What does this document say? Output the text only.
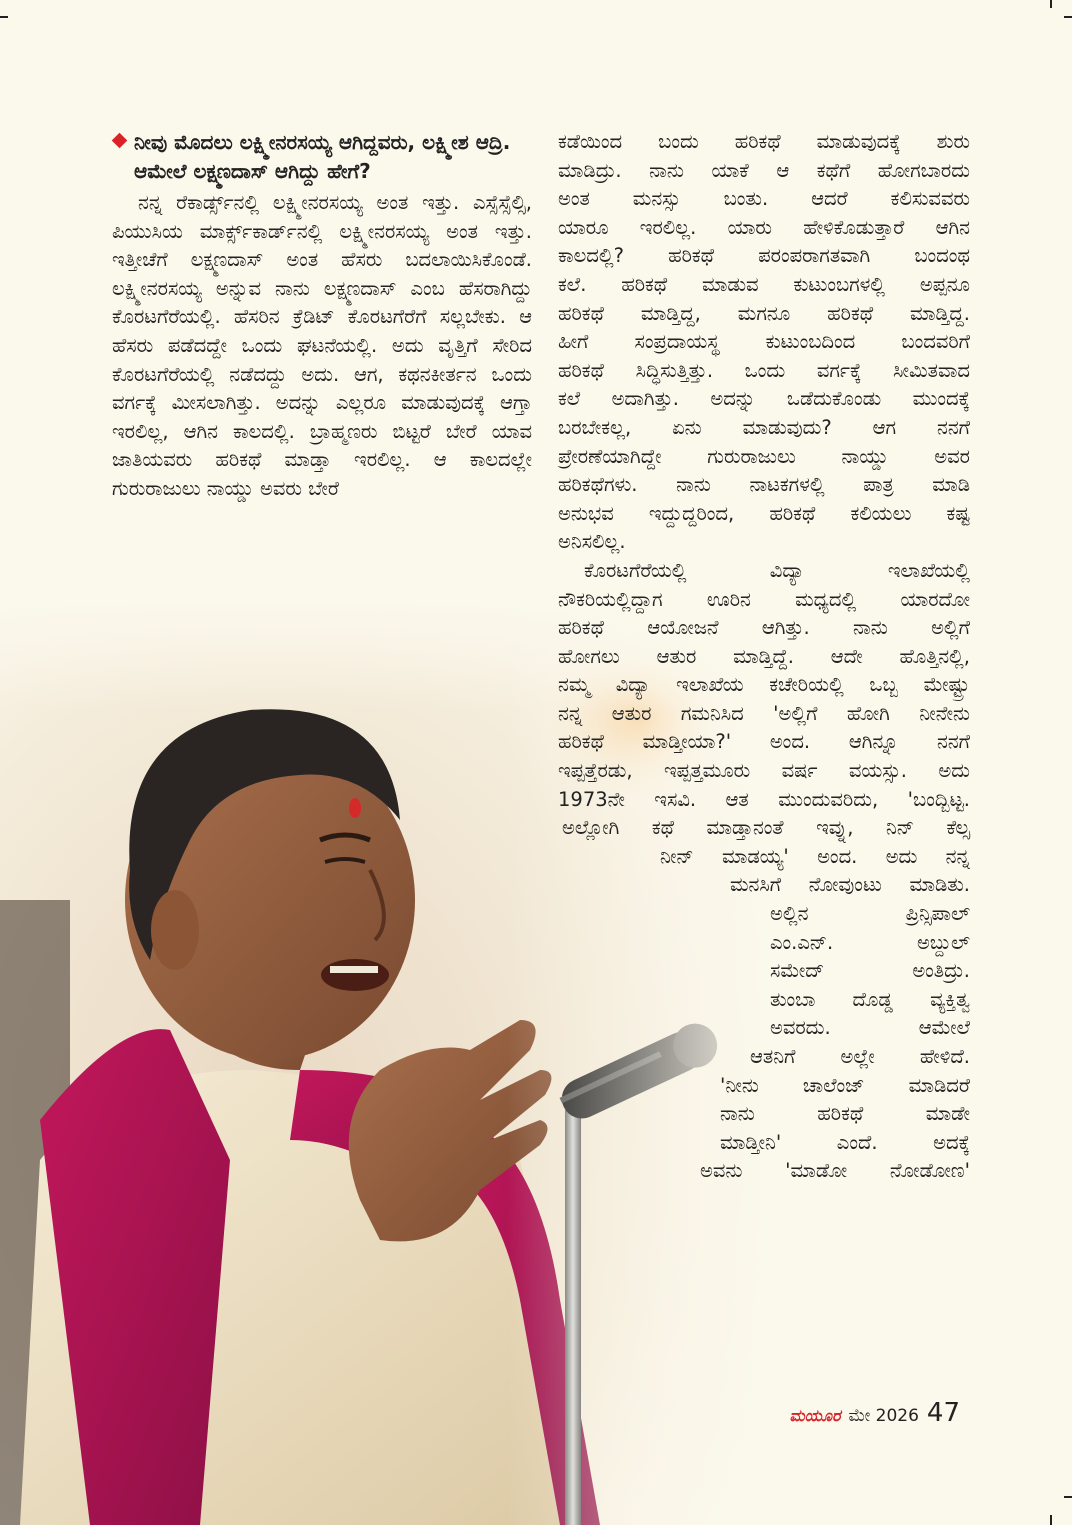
ನೀವು ಮೊದಲು ಲಕ್ಷ್ಮೀನರಸಯ್ಯ ಆಗಿದ್ದವರು, ಲಕ್ಷ್ಮೀಶ ಆದ್ರಿ. ಆಮೇಲೆ ಲಕ್ಷ್ಮಣದಾಸ್ ಆಗಿದ್ದು ಹೇಗೆ?

ನನ್ನ ರೆಕಾರ್ಡ್ಸ್‌ನಲ್ಲಿ ಲಕ್ಷ್ಮೀನರಸಯ್ಯ ಅಂತ ಇತ್ತು. ಎಸ್ಸೆಸ್ಸೆಲ್ಸಿ, ಪಿಯುಸಿಯ ಮಾರ್ಕ್ಸ್‌ಕಾರ್ಡ್‌ನಲ್ಲಿ ಲಕ್ಷ್ಮೀನರಸಯ್ಯ ಅಂತ ಇತ್ತು. ಇತ್ತೀಚೆಗೆ ಲಕ್ಷ್ಮಣದಾಸ್ ಅಂತ ಹೆಸರು ಬದಲಾಯಿಸಿಕೊಂಡೆ. ಲಕ್ಷ್ಮೀನರಸಯ್ಯ ಅನ್ನುವ ನಾನು ಲಕ್ಷ್ಮಣದಾಸ್ ಎಂಬ ಹೆಸರಾಗಿದ್ದು ಕೊರಟಗೆರೆಯಲ್ಲಿ. ಹೆಸರಿನ ಕ್ರೆಡಿಟ್ ಕೊರಟಗೆರೆಗೆ ಸಲ್ಲಬೇಕು. ಆ ಹೆಸರು ಪಡೆದದ್ದೇ ಒಂದು ಘಟನೆಯಲ್ಲಿ. ಅದು ವೃತ್ತಿಗೆ ಸೇರಿದ ಕೊರಟಗೆರೆಯಲ್ಲಿ ನಡೆದದ್ದು ಅದು. ಆಗ, ಕಥನಕೀರ್ತನ ಒಂದು ವರ್ಗಕ್ಕೆ ಮೀಸಲಾಗಿತ್ತು. ಅದನ್ನು ಎಲ್ಲರೂ ಮಾಡುವುದಕ್ಕೆ ಆಗ್ತಾ ಇರಲಿಲ್ಲ, ಆಗಿನ ಕಾಲದಲ್ಲಿ. ಬ್ರಾಹ್ಮಣರು ಬಿಟ್ಟರೆ ಬೇರೆ ಯಾವ ಜಾತಿಯವರು ಹರಿಕಥೆ ಮಾಡ್ತಾ ಇರಲಿಲ್ಲ. ಆ ಕಾಲದಲ್ಲೇ ಗುರುರಾಜುಲು ನಾಯ್ಡು ಅವರು ಬೇರೆ

ಕಡೆಯಿಂದ ಬಂದು ಹರಿಕಥೆ ಮಾಡುವುದಕ್ಕೆ ಶುರು
ಮಾಡಿದ್ರು. ನಾನು ಯಾಕೆ ಆ ಕಥೆಗೆ ಹೋಗಬಾರದು
ಅಂತ ಮನಸ್ಸು ಬಂತು. ಆದರೆ ಕಲಿಸುವವರು
ಯಾರೂ ಇರಲಿಲ್ಲ. ಯಾರು ಹೇಳಿಕೊಡುತ್ತಾರೆ ಆಗಿನ
ಕಾಲದಲ್ಲಿ? ಹರಿಕಥೆ ಪರಂಪರಾಗತವಾಗಿ ಬಂದಂಥ
ಕಲೆ. ಹರಿಕಥೆ ಮಾಡುವ ಕುಟುಂಬಗಳಲ್ಲಿ ಅಪ್ಪನೂ
ಹರಿಕಥೆ ಮಾಡ್ತಿದ್ದ, ಮಗನೂ ಹರಿಕಥೆ ಮಾಡ್ತಿದ್ದ.
ಹೀಗೆ ಸಂಪ್ರದಾಯಸ್ಥ ಕುಟುಂಬದಿಂದ ಬಂದವರಿಗೆ
ಹರಿಕಥೆ ಸಿದ್ಧಿಸುತ್ತಿತ್ತು. ಒಂದು ವರ್ಗಕ್ಕೆ ಸೀಮಿತವಾದ
ಕಲೆ ಅದಾಗಿತ್ತು. ಅದನ್ನು ಒಡೆದುಕೊಂಡು ಮುಂದಕ್ಕೆ
ಬರಬೇಕಲ್ಲ, ಏನು ಮಾಡುವುದು? ಆಗ ನನಗೆ
ಪ್ರೇರಣೆಯಾಗಿದ್ದೇ ಗುರುರಾಜುಲು ನಾಯ್ಡು ಅವರ
ಹರಿಕಥೆಗಳು. ನಾನು ನಾಟಕಗಳಲ್ಲಿ ಪಾತ್ರ ಮಾಡಿ
ಅನುಭವ ಇದ್ದುದ್ದರಿಂದ, ಹರಿಕಥೆ ಕಲಿಯಲು ಕಷ್ಟ
ಅನಿಸಲಿಲ್ಲ.
ಕೊರಟಗೆರೆಯಲ್ಲಿ ವಿದ್ಯಾ ಇಲಾಖೆಯಲ್ಲಿ
ನೌಕರಿಯಲ್ಲಿದ್ದಾಗ ಊರಿನ ಮಧ್ಯದಲ್ಲಿ ಯಾರದೋ
ಹರಿಕಥೆ ಆಯೋಜನೆ ಆಗಿತ್ತು. ನಾನು ಅಲ್ಲಿಗೆ
ಹೋಗಲು ಆತುರ ಮಾಡ್ತಿದ್ದೆ. ಆದೇ ಹೊತ್ತಿನಲ್ಲಿ,
ನಮ್ಮ ವಿದ್ಯಾ ಇಲಾಖೆಯ ಕಚೇರಿಯಲ್ಲಿ ಒಬ್ಬ ಮೇಷ್ಟ್ರು
ನನ್ನ ಆತುರ ಗಮನಿಸಿದ 'ಅಲ್ಲಿಗೆ ಹೋಗಿ ನೀನೇನು
ಹರಿಕಥೆ ಮಾಡ್ತೀಯಾ?' ಅಂದ. ಆಗಿನ್ನೂ ನನಗೆ
ಇಪ್ಪತ್ತೆರಡು, ಇಪ್ಪತ್ತಮೂರು ವರ್ಷ ವಯಸ್ಸು. ಅದು
1973ನೇ ಇಸವಿ. ಆತ ಮುಂದುವರಿದು, 'ಬಂದ್ಬಿಟ್ಟ.
ಅಲ್ಲೋಗಿ ಕಥೆ ಮಾಡ್ತಾನಂತೆ ಇವ್ನು, ನಿನ್ ಕೆಲ್ಸ
ನೀನ್ ಮಾಡಯ್ಯ' ಅಂದ. ಅದು ನನ್ನ
ಮನಸಿಗೆ ನೋವುಂಟು ಮಾಡಿತು.
ಅಲ್ಲಿನ ಪ್ರಿನ್ಸಿಪಾಲ್
ಎಂ.ಎನ್. ಅಬ್ದುಲ್
ಸಮೇದ್ ಅಂತಿದ್ರು.
ತುಂಬಾ ದೊಡ್ಡ ವ್ಯಕ್ತಿತ್ವ
ಅವರದು. ಆಮೇಲೆ
ಆತನಿಗೆ ಅಲ್ಲೇ ಹೇಳಿದೆ.
'ನೀನು ಚಾಲೆಂಜ್ ಮಾಡಿದರೆ
ನಾನು ಹರಿಕಥೆ ಮಾಡೇ
ಮಾಡ್ತೀನಿ' ಎಂದೆ. ಅದಕ್ಕೆ
ಅವನು 'ಮಾಡೋ ನೋಡೋಣ'
ಮಯೂರ ಮೇ 2026 47
